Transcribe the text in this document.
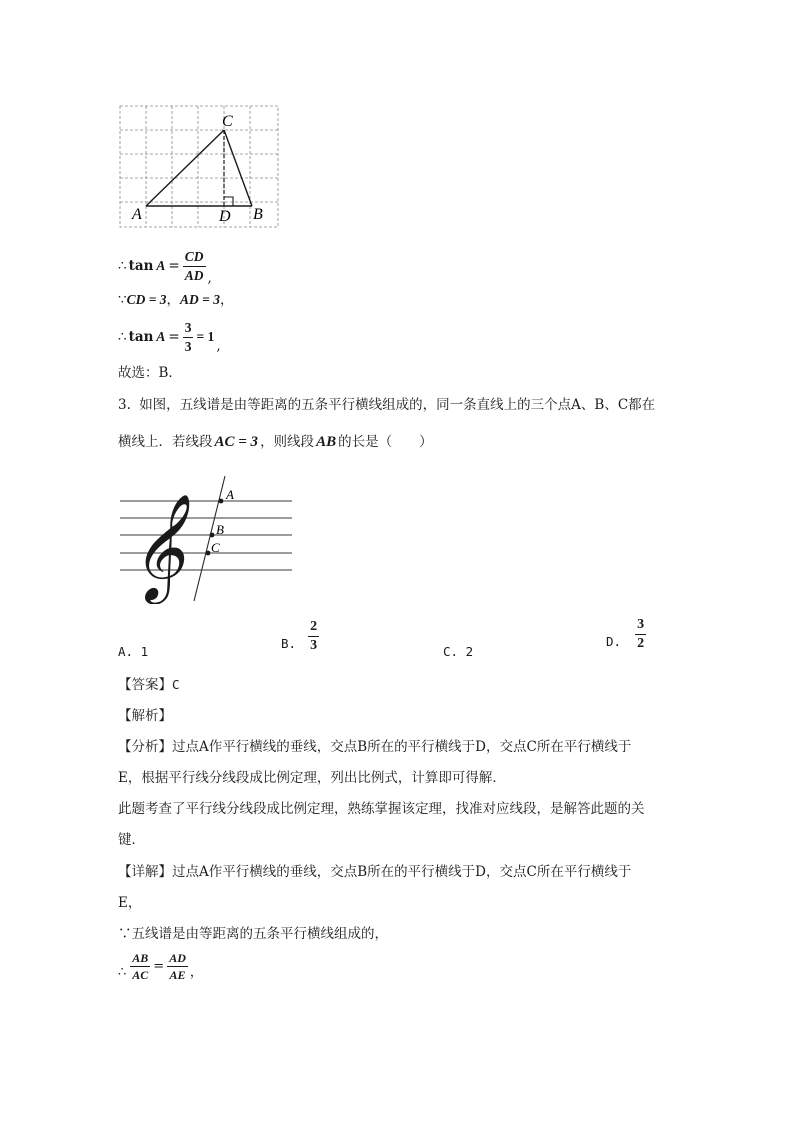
A	B
C
D
∴ $\tan A = \frac{CD}{AD}$ ,
∵CD = 3，AD = 3，
∴ $\tan A = \frac{3}{3} = 1$
,
故选：B．
3. 如图，五线谱是由等距离的五条平行横线组成的，同一条直线上的三个点A、B、C都在
横线上．若线段 AC = 3 ，则线段 AB 的长是（　　）
𝄞	A
B
C
A. 1
B. $\frac{2}{3}$	C. 2
D. $\frac{3}{2}$
【答案】C
【解析】
【分析】过点A作平行横线的垂线，交点B所在的平行横线于D，交点C所在平行横线于
E，根据平行线分线段成比例定理，列出比例式，计算即可得解．
此题考查了平行线分线段成比例定理，熟练掌握该定理，找准对应线段，是解答此题的关
键．
【详解】过点A作平行横线的垂线，交点B所在的平行横线于D，交点C所在平行横线于
E，
∵五线谱是由等距离的五条平行横线组成的，
∴ $\frac{AB}{AC} = \frac{AD}{AE}$ ，
